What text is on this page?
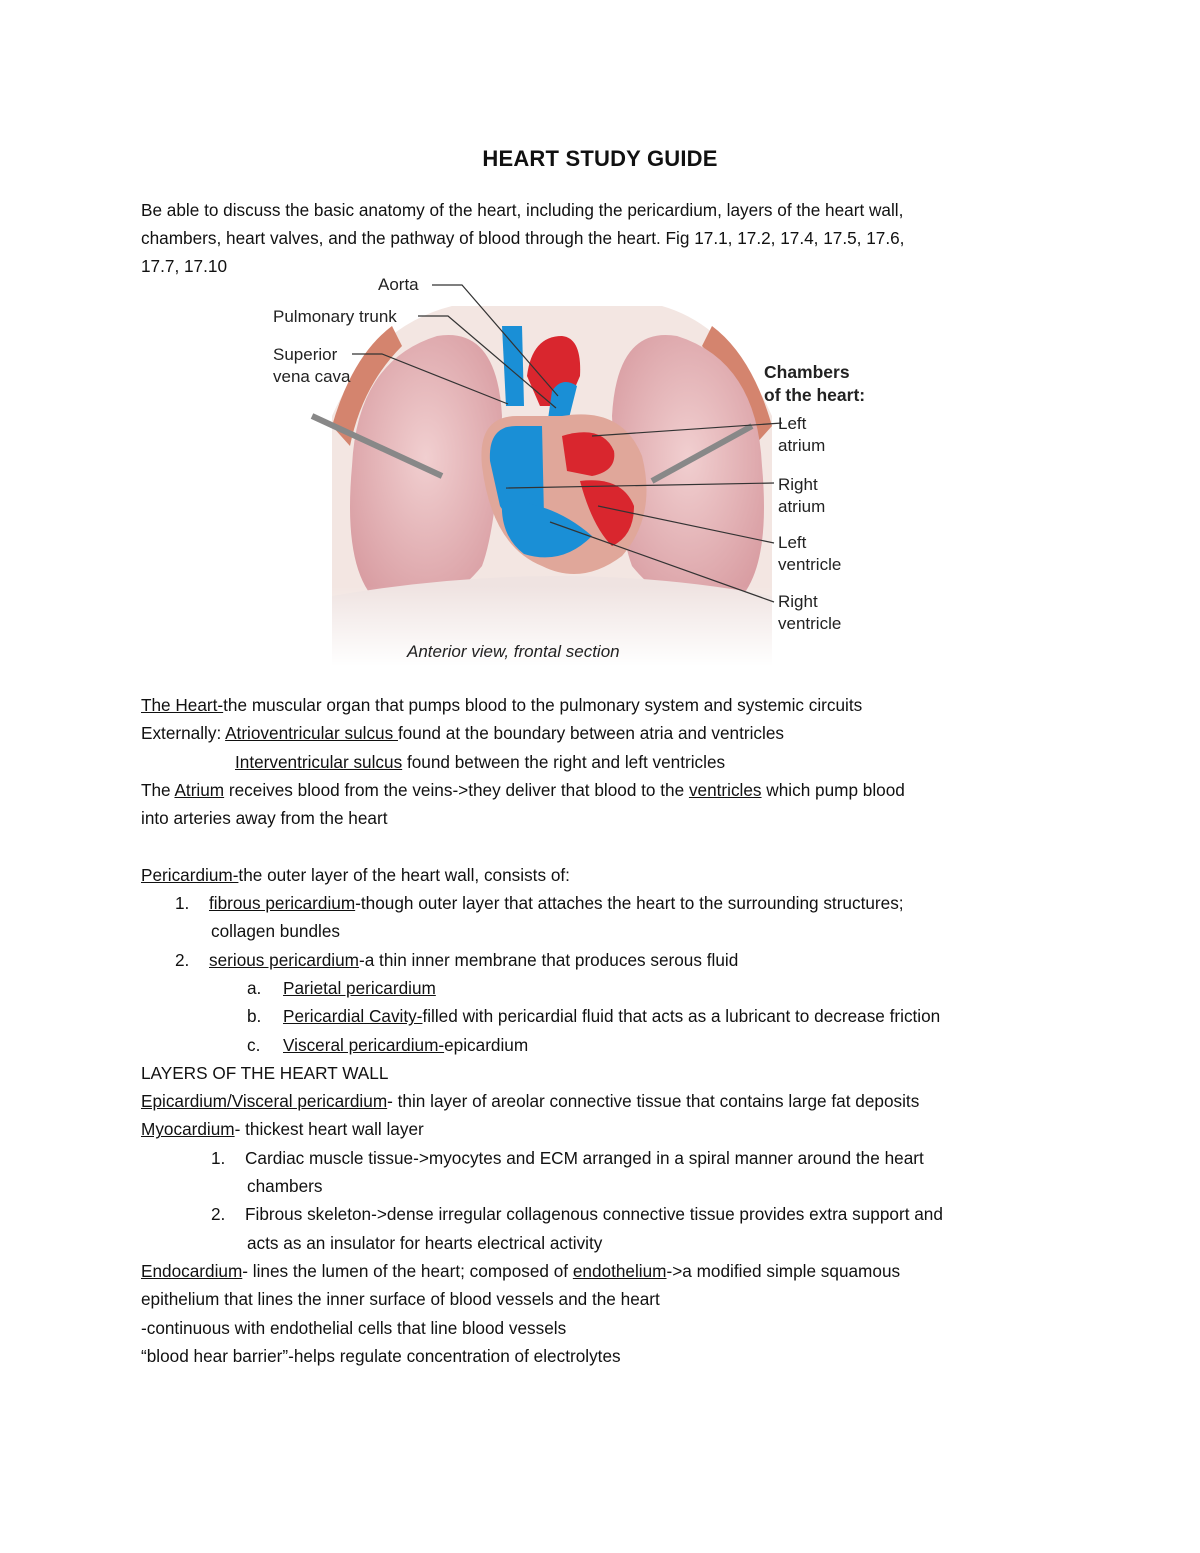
HEART STUDY GUIDE
Be able to discuss the basic anatomy of the heart, including the pericardium, layers of the heart wall,
chambers, heart valves, and the pathway of blood through the heart. Fig 17.1, 17.2, 17.4, 17.5, 17.6,
17.7, 17.10
Aorta
Pulmonary trunk
Superior
vena cava	Chambers
of the heart:
Left
atrium
Right
atrium
Left
ventricle
Right
ventricle
Anterior view, frontal section
The Heart-the muscular organ that pumps blood to the pulmonary system and systemic circuits
Externally: Atrioventricular sulcus found at the boundary between atria and ventricles
Interventricular sulcus found between the right and left ventricles
The Atrium receives blood from the veins->they deliver that blood to the ventricles which pump blood
into arteries away from the heart
Pericardium-the outer layer of the heart wall, consists of:
1. fibrous pericardium-though outer layer that attaches the heart to the surrounding structures;
collagen bundles
2. serious pericardium-a thin inner membrane that produces serous fluid
a. Parietal pericardium
b. Pericardial Cavity-filled with pericardial fluid that acts as a lubricant to decrease friction
c. Visceral pericardium-epicardium
LAYERS OF THE HEART WALL
Epicardium/Visceral pericardium- thin layer of areolar connective tissue that contains large fat deposits
Myocardium- thickest heart wall layer
1. Cardiac muscle tissue->myocytes and ECM arranged in a spiral manner around the heart
chambers
2. Fibrous skeleton->dense irregular collagenous connective tissue provides extra support and
acts as an insulator for hearts electrical activity
Endocardium- lines the lumen of the heart; composed of endothelium->a modified simple squamous
epithelium that lines the inner surface of blood vessels and the heart
-continuous with endothelial cells that line blood vessels
“blood hear barrier”-helps regulate concentration of electrolytes
